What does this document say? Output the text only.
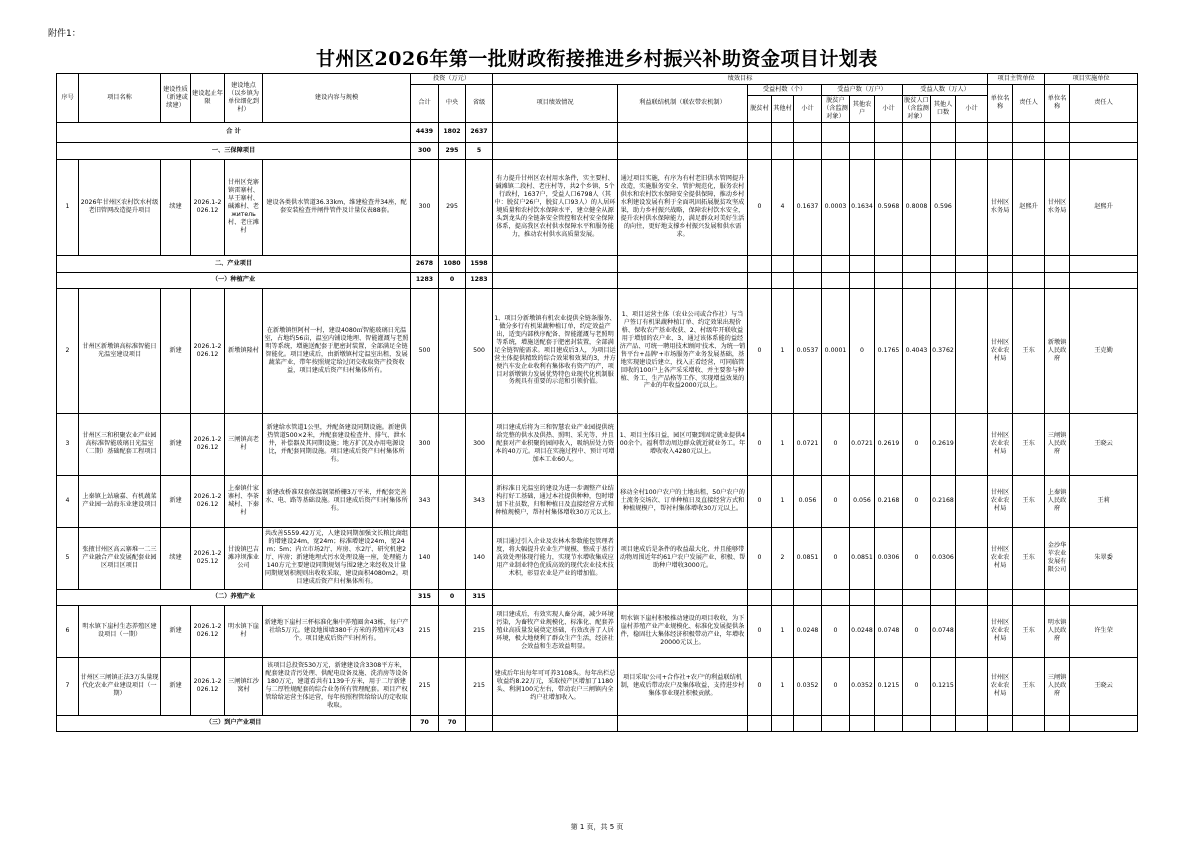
附件1：
甘州区2026年第一批财政衔接推进乡村振兴补助资金项目计划表
序号	项目名称	建设性质（新建或续建）	建设起止年限	建设地点（以乡镇为单位细化到村）	建设内容与规模	投资（万元）			绩效目标											项目主管单位		项目实施单位	
						合计	中央	省级	项目绩效情况	利益联结机制（联农带农机制）	受益村数（个）			受益户数（万户）			受益人数（万人）			单位名称	责任人	单位名称	责任人
											脱贫村	其他村	小计	脱贫户（含监测对象）	其他农户	小计	脱贫人口（含监测对象）	其他人口数	小计				

合 计						4439	1802	2637															
一、三保障项目						300	295	5															
1	2026年甘州区农村饮水村级老旧管网改造提升项目	续建	2026.1-2026.12	甘州区党寨镇雷寨村、早王寨村、碱滩村、老житель村、老庄滩村	建设各类供水管道36.33km，维建检查井34座，配套安装检查井闸件管件及计量仪表88套。	300	295		有力提升甘州区农村用水条件，实主要村、碱滩镇二段村、老庄村等，共2个乡镇、5个行政村，1637户，受益人口6798人（其中：脱贫户26户，脱贫人口93人）的人居环境质量和农村饮水保障水平，建立健全从源头到龙头的全链条安全管控和农村安全保障体系，提高我区农村供水保障水平和服务能力，推动农村供水高质量发展。	通过项目实施，有序为有村老旧供水管网提升改造，实施服务安全、管护规范化，服务农村供水和农村饮水保障安全提供保障，推动乡村水利建设发展有利于全面巩固拓展脱贫攻坚成果，助力乡村振兴战略，保障农村饮水安全，提升农村供水保障能力，满足群众对美好生活的向往，更好地支撑乡村振兴发展和供水需求。	0	4	0.1637	0.0003	0.1634	0.5968	0.8008	0.596		甘州区水务局	赵熙升	甘州区水务局	赵熙升
二、产业项目						2678	1080	1598															
（一）种植产业						1283	0	1283															
2	甘州区新墩镇高标准智能日光温室建设项目	新建	2026.1-2026.12	新墩镇隆村	在新墩镇恒阿村一村，建设4080㎡智能玻璃日光温室，占地约56亩，温室内铺设地埋、智能灌溉与老照明等系统，增施送配套于肥密封装置，全部满足全链智能化。项目建成后，由新墩镇村定温室出租，发展蔬菜产业，带年按照规定给过闭交收取资产投资收益，项目建成后资产归村集体所有。	500		500	1、项目分新墩镇有机农业提供全链条服务、做分多行有机果蔬种植订单，约定效益产出，适变内部秩序配备、智能灌溉与老照明等系统，增施送配套于肥密封装置，全部满足全链智能需求。项目建成后3人，为项目运营主体提供精致的综合效果和效果的3，并方便汽车发企业收利有集体收有资产的产，项目对新墩镇力发展优势特色业现代化机制服务规具有重要的示范和引领价值。	1、项目运营主体（农业公司或合作社）与当户签订有机果蔬种植订单、约定效果出现价格、保收农产基业收获、2、村级年开联收益用于增加的农户业、3、通过该体系能的益经济产品、可统一聘用技术顾问'技术、为统一销售平台+品牌'+市场服务产业务发展基础，基地实现建设后建立，找入正看经营，可同临管回收的100户上各产采采增收、并主要参与种植、务工、生产品格等工作、实现增益效果的产业的年收益2000元以上。	0	1	0.0537	0.0001	0	0.1765	0.4043	0.3762		甘州区农业农村局	王东	新墩镇人民政府	王克勤
3	甘州区三和积聚农业产业园高标准智能玻璃日光温室（二期）基础配套工程项目	新建	2026.1-2026.12	三闸镇高老村	新建给水管道1公里，并配备建设同期设施。新建供热管道500×2米，并配套建设检查井、排气、泄水井，补偿器及其同期设施；地方扩沉及办用电源设比，并配套同期设施。项目建成后资产归村集体所有。	300		300	项目建成后将为三和智慧农业产业园提供统给完整的供水及供热、照明、采光等，并且配套对产业积聚的园间收入，吸纳居处力资本的40万元。项目在实施过程中、预计可增加本工业60人。	1、项目主体日益，园区可聚到固定就业提供400余个。福利带动周边群众就近就业务工。年增收收入4280元以上。	0	1	0.0721	0	0.0721	0.2619	0	0.2619		甘州区农业农村局	王东	三闸镇人民政府	王晓云
4	上秦镇上站瑜嘉、有机蔬菜产业园一站海东业建设项目	新建	2026.1-2026.12	上秦镇什家寨村、李茶城村、下秦村	新建改桥准双套保温钢架桥栅3万平米，并配套完善水、电、路等基础设施。项目建成后资产归村集体所有。	343		343	新标准日光温室的建设为进一步调整产业结构打好工基础，通过本社提供种种，包时增加下社员数，归和种植日及直接经营方式和种植规模户，帮衬村集体增收30万元以上。	移动全村100户农户的土地出租，50户农户的土流务交场次、订单种植日及直接经营方式和种植规模户，帮衬村集体增收30万元以上。	0	1	0.056	0	0.056	0.2168	0	0.2168		甘州区农业农村局	王东	上秦镇人民政府	王莉
5	张掖甘州区高云寨堆一二三产业融合产业发展配套业园区项目区项目	续建	2026.1-2025.12	甘浚镇巴吉滩冲坝淮业公司	共改善5559.42万元，人建设同期加强文长粮比商组的增建设24m，宽24m；标准增建设24m，宽24m；5m；内立市场2厅、库房、水2厅、研究机建2厅、库房；新建地埋式污水处理设施一座，处理能力140方元主要建设同期规划与围2建之来经收及计量同期规划积规则出收收采取，建设面积4080m2。项目建成后资产归村集体所有。	140		140	项目通过引入企业及农林木参数能包管理者度，将大幅提升农业生产规模、整成于基行高效处理体现行能力，实现节水增收集成应用产业制业特色优质高效的现代农业技术技术积，彰显农业是产业的增加值。	项目建成后是条件的收益最大化、并且能够带动物周围近年约61户农户发展产业、积极、帮助种户增收3000元。	0	2	0.0851	0	0.0851	0.0306	0	0.0306		甘州区农业农村局	王东	金沙华苹农业发展有限公司	朱翠委
（二）养殖产业						315	0	315															
6	明水镇下崖村生态养殖区建设项目（一期）	新建	2026.1-2026.12	明水镇下崖村	新建地下崖村三杯标准化集中养殖圈舍43栋，每户产社给5万元。建设地围墙380千方米的养殖库元43个。项目建成后资产归村所有。	215		215	项目建成后，有效实现人畜分离，减少环境污染，为畜牧产业规模化、标准化、配套养殖业高质量发展奠定基础，有效改善了人居环境，极大地便利了群众生产生活，经济社会效益和生态效益明显。	明水镇下崖村积极推动建设的项目收收，为下崖村养殖产业产业规模化、标准化发展提供条件，稳固壮大集体经济积极带动产业，年增收20000元以上。	0	1	0.0248	0	0.0248	0.0748	0	0.0748		甘州区农业农村局	王东	明水镇人民政府	许生荣
7	甘州区三闸镇正法3万头量现代化农业产业建设项目（一期）	新建	2026.1-2026.12	三闸镇红沙窝村	该项目总投资530万元，新建建设含3308平方米，配套建设青污处理、供配电设备及施、洗消房等设备180万元，建道看共有1139千方米，用于二厅新建与二厚牲规配套的综合业务所有管理配套。项目产权管给给运营主体运营，每年按照程管给给认的定收取收取。	215		215	建成后年出每年可可养3108头。每年出栏总收益约8.22万元，采取按产区增加了1180头、利润100元左右，带动农户三闸镇内全约户社增加收入。	项目采取'公司+合作社+农户'的利益联结机制，建成后带动农户及集体收益，支持进步村集体事业现社积极贡献。	0	1	0.0352	0	0.0352	0.1215	0	0.1215		甘州区农业农村局	王东	三闸镇人民政府	王晓云
（三）到户产业项目						70	70																
第 1 页，共 5 页
